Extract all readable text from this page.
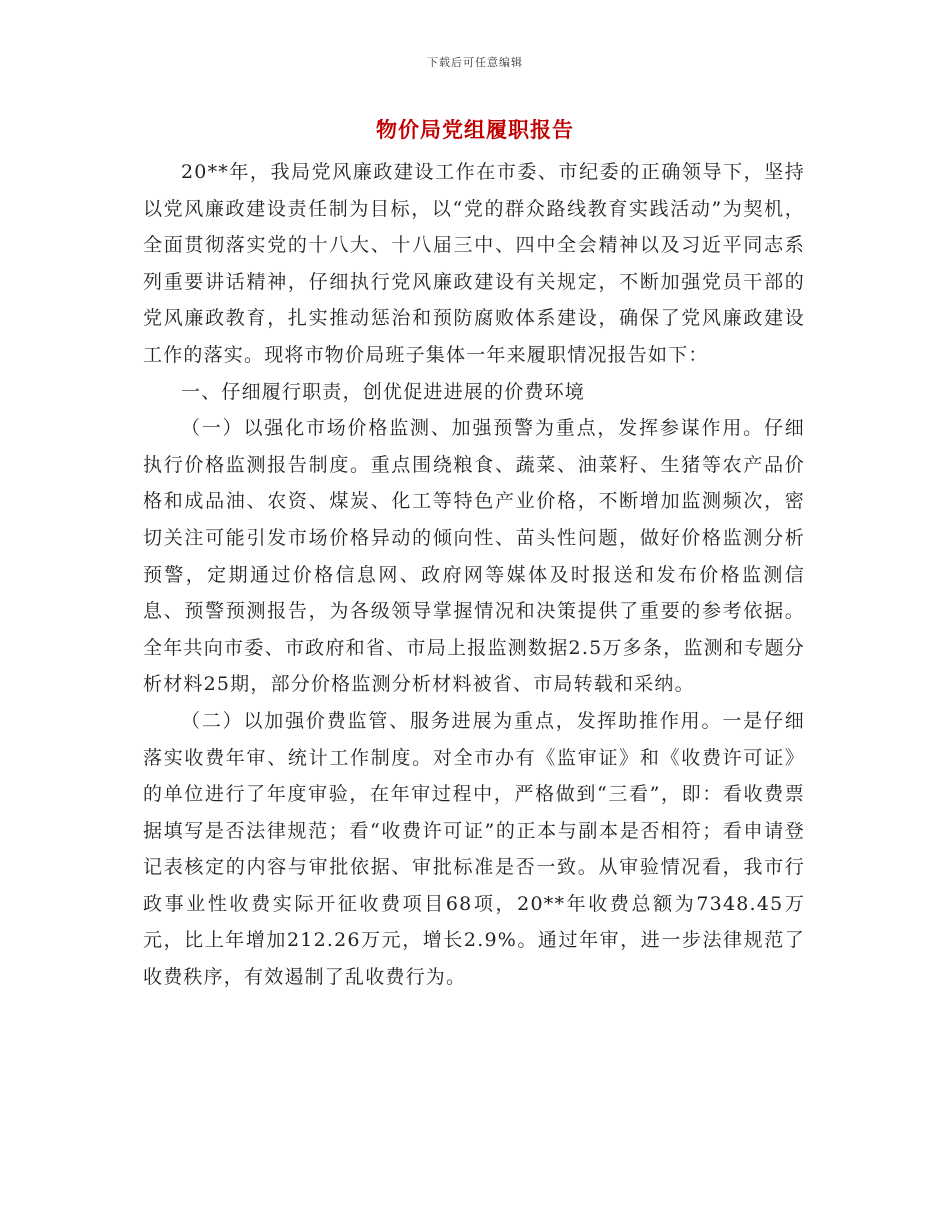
下载后可任意编辑
物价局党组履职报告

20**年，我局党风廉政建设工作在市委、市纪委的正确领导下，坚持以党风廉政建设责任制为目标，以“党的群众路线教育实践活动”为契机，全面贯彻落实党的十八大、十八届三中、四中全会精神以及习近平同志系列重要讲话精神，仔细执行党风廉政建设有关规定，不断加强党员干部的党风廉政教育，扎实推动惩治和预防腐败体系建设，确保了党风廉政建设工作的落实。现将市物价局班子集体一年来履职情况报告如下：

一、仔细履行职责，创优促进进展的价费环境

（一）以强化市场价格监测、加强预警为重点，发挥参谋作用。仔细执行价格监测报告制度。重点围绕粮食、蔬菜、油菜籽、生猪等农产品价格和成品油、农资、煤炭、化工等特色产业价格，不断增加监测频次，密切关注可能引发市场价格异动的倾向性、苗头性问题，做好价格监测分析预警，定期通过价格信息网、政府网等媒体及时报送和发布价格监测信息、预警预测报告，为各级领导掌握情况和决策提供了重要的参考依据。全年共向市委、市政府和省、市局上报监测数据2.5万多条，监测和专题分析材料25期，部分价格监测分析材料被省、市局转载和采纳。

（二）以加强价费监管、服务进展为重点，发挥助推作用。一是仔细落实收费年审、统计工作制度。对全市办有《监审证》和《收费许可证》的单位进行了年度审验，在年审过程中，严格做到“三看”，即：看收费票据填写是否法律规范；看“收费许可证”的正本与副本是否相符；看申请登记表核定的内容与审批依据、审批标准是否一致。从审验情况看，我市行政事业性收费实际开征收费项目68项，20**年收费总额为7348.45万元，比上年增加212.26万元，增长2.9%。通过年审，进一步法律规范了收费秩序，有效遏制了乱收费行为。
